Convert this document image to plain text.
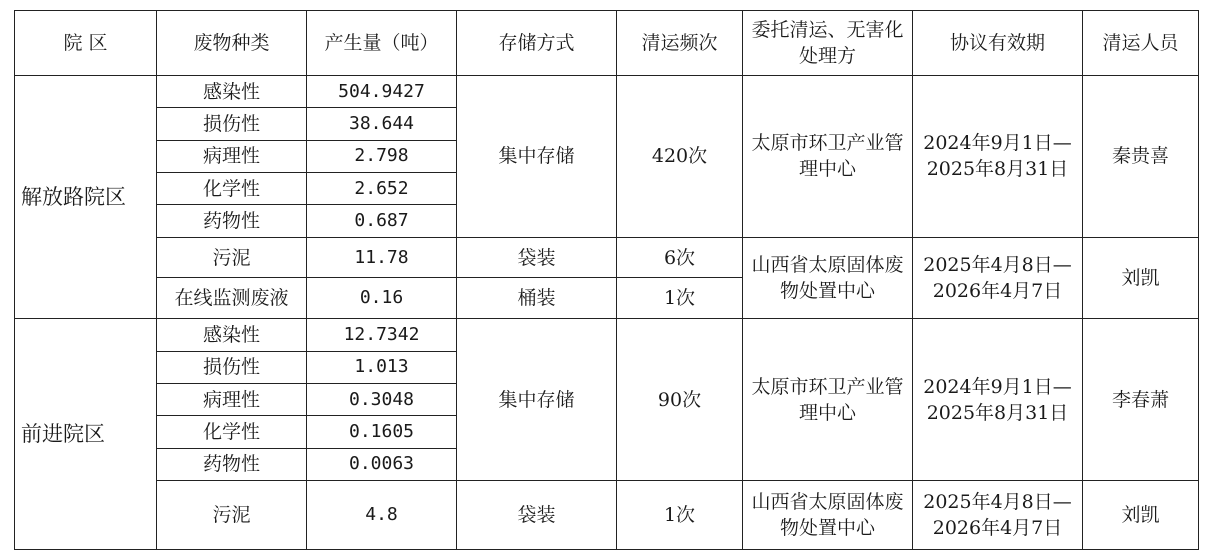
院 区	废物种类	产生量（吨）	存储方式	清运频次	委托清运、无害化处理方	协议有效期	清运人员
解放路院区	感染性	504.9427	集中存储	420次	太原市环卫产业管理中心	2024年9月1日—2025年8月31日	秦贵喜
	损伤性	38.644					
	病理性	2.798					
	化学性	2.652					
	药物性	0.687					
	污泥	11.78	袋装	6次	山西省太原固体废物处置中心	2025年4月8日—2026年4月7日	刘凯
	在线监测废液	0.16	桶装	1次			
前进院区	感染性	12.7342	集中存储	90次	太原市环卫产业管理中心	2024年9月1日—2025年8月31日	李春萧
	损伤性	1.013					
	病理性	0.3048					
	化学性	0.1605					
	药物性	0.0063					
	污泥	4.8	袋装	1次	山西省太原固体废物处置中心	2025年4月8日—2026年4月7日	刘凯
